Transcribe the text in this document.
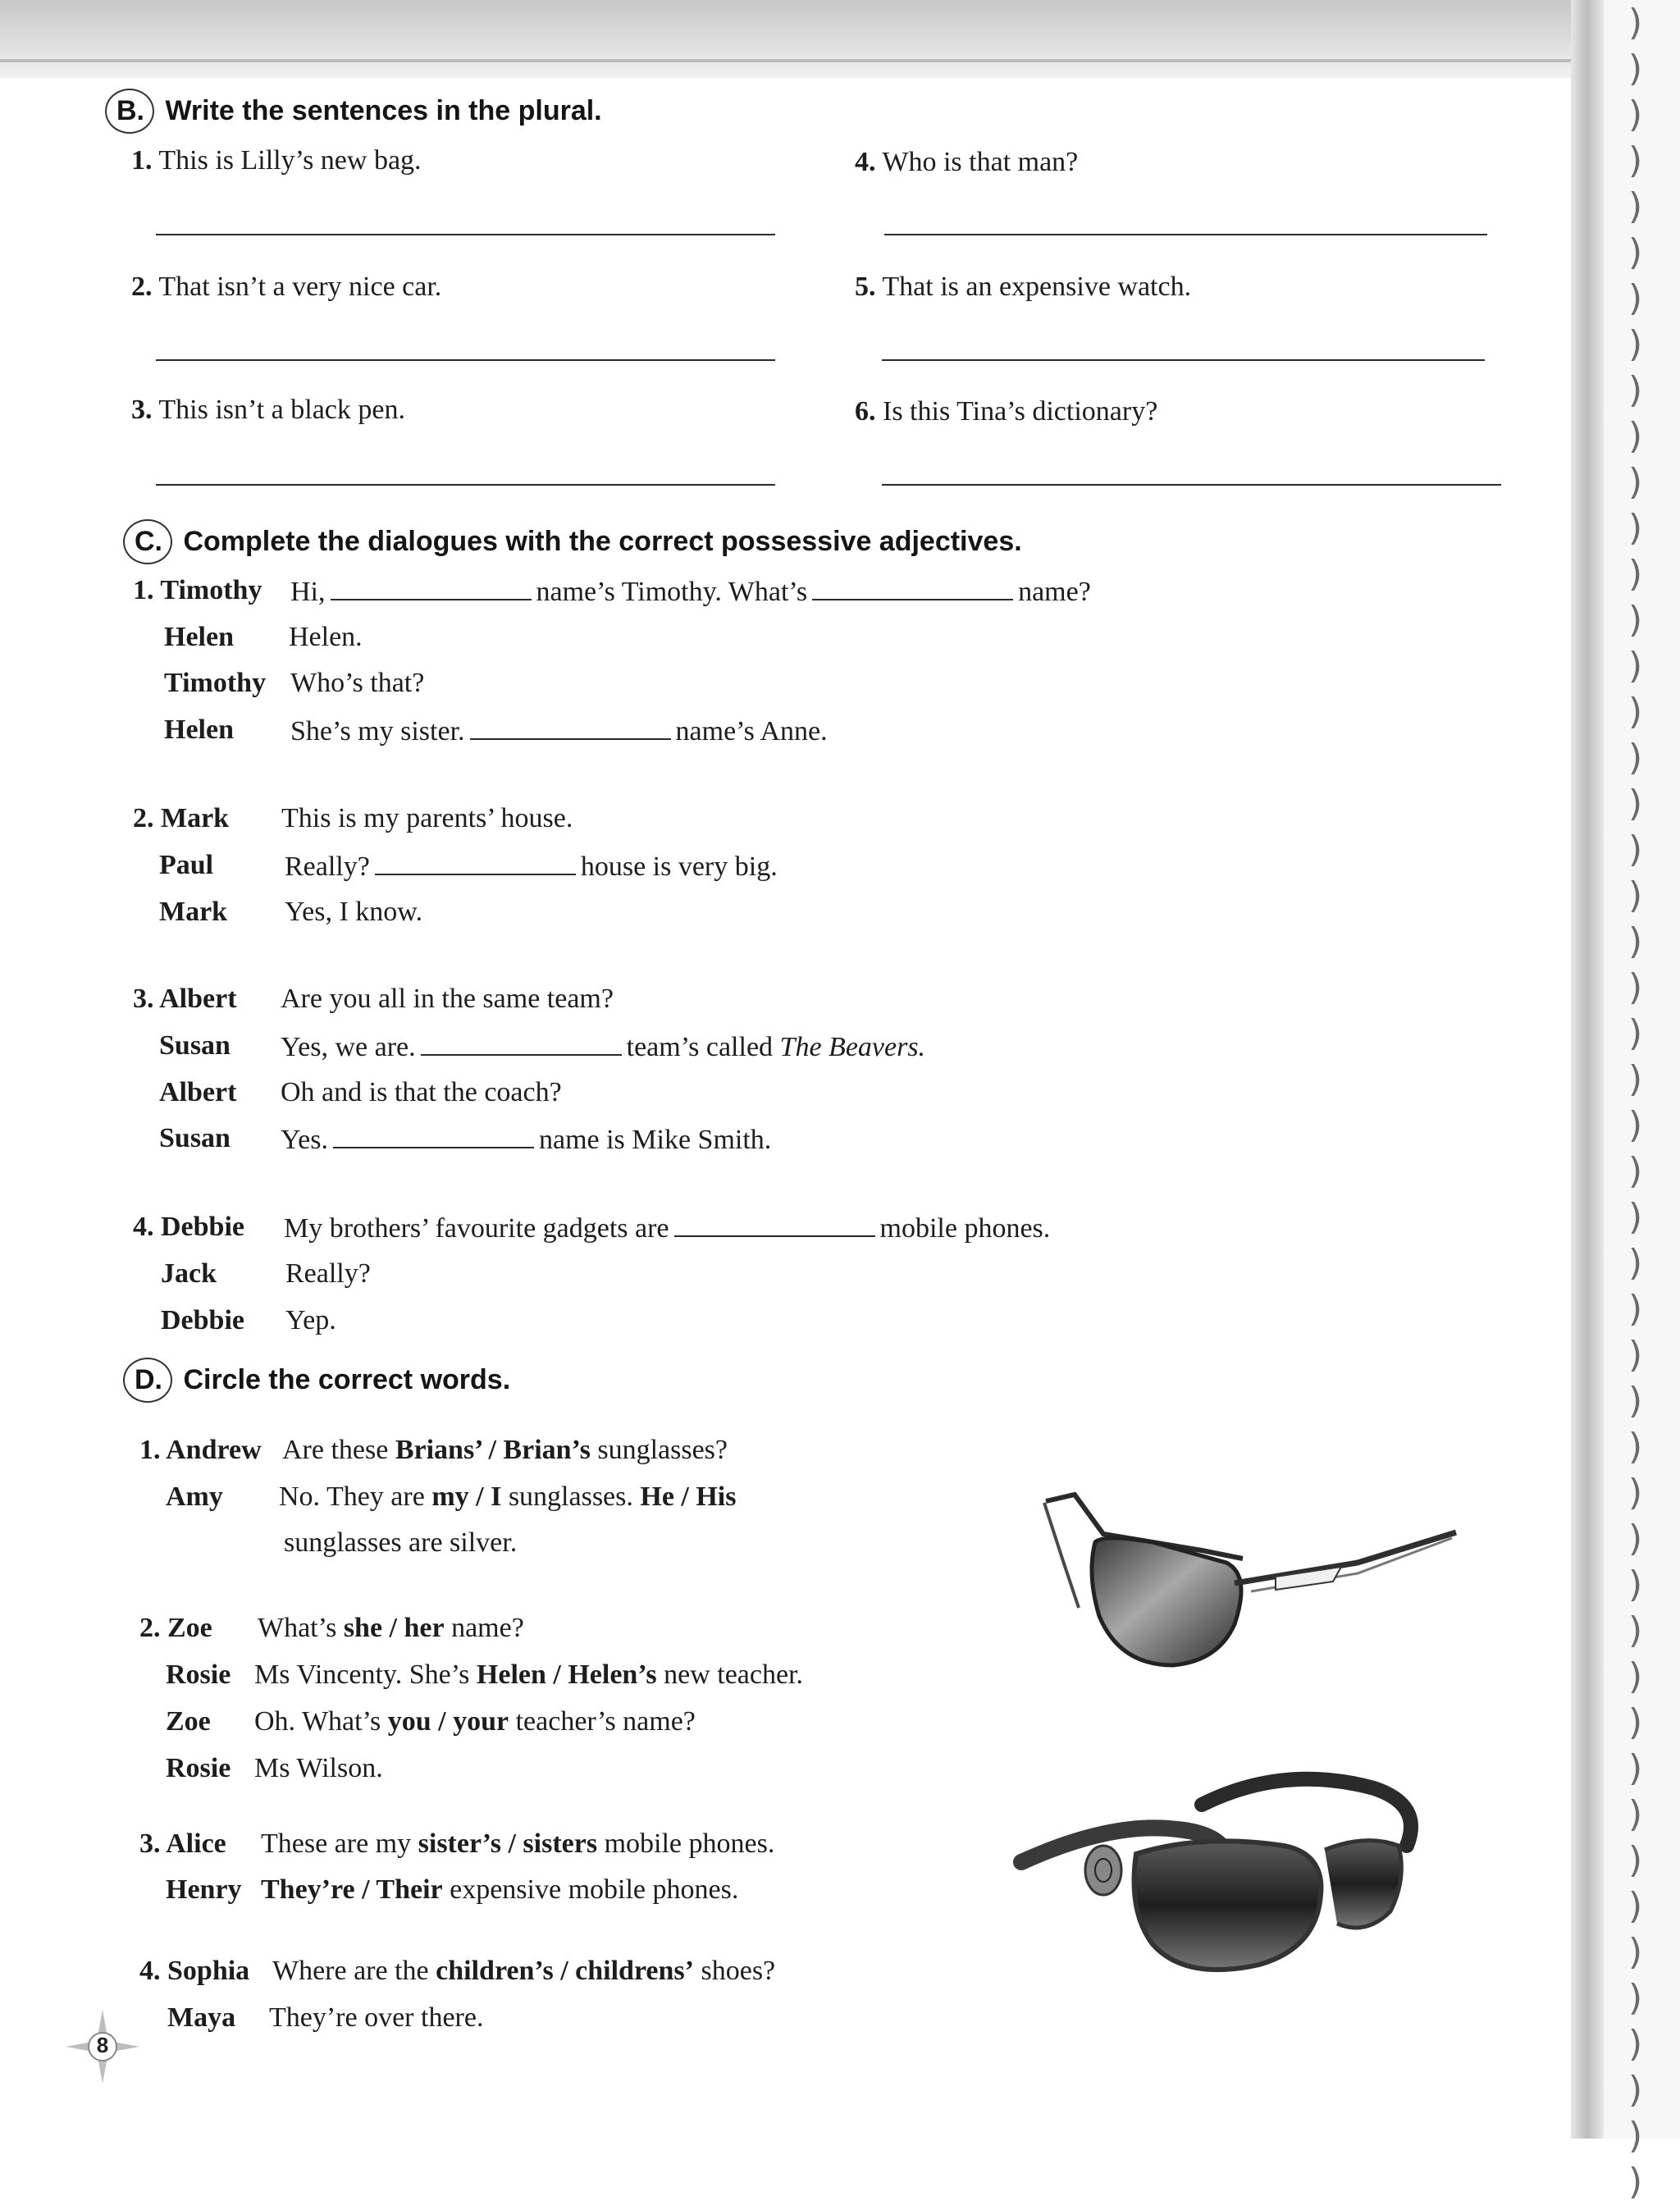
)
)
)
)
)
)
)
)
)
)
)
)
)
)
)
)
)
)
)
)
)
)
)
)
)
)
)
)
)
)
)
)
)
)
)
)
)
)
)
)
)
)
)
)
)
)
)
)
B. Write the sentences in the plural.
1. This is Lilly’s new bag.
2. That isn’t a very nice car.
3. This isn’t a black pen.
4. Who is that man?
5. That is an expensive watch.
6. Is this Tina’s dictionary?
C. Complete the dialogues with the correct possessive adjectives.
1. Timothy Hi,	name’s Timothy. What’s	name?
Helen Helen.
Timothy Who’s that?
Helen She’s my sister.	name’s Anne.
2. Mark This is my parents’ house.
Paul	Really?	house is very big.
Mark Yes, I know.
3. Albert Are you all in the same team?
Susan Yes, we are.	team’s called The Beavers.
Albert Oh and is that the coach?
Susan Yes.	name is Mike Smith.
4. Debbie My brothers’ favourite gadgets are	mobile phones.
Jack Really?
Debbie Yep.
D. Circle the correct words.
1. Andrew Are these Brians’ / Brian’s sunglasses?
Amy No. They are my / I sunglasses. He / His
sunglasses are silver.
2. Zoe What’s she / her name?
Rosie Ms Vincenty. She’s Helen / Helen’s new teacher.
Zoe Oh. What’s you / your teacher’s name?
Rosie Ms Wilson.
3. Alice These are my sister’s / sisters mobile phones.
Henry They’re / Their expensive mobile phones.
4. Sophia Where are the children’s / childrens’ shoes?
Maya They’re over there.
8
